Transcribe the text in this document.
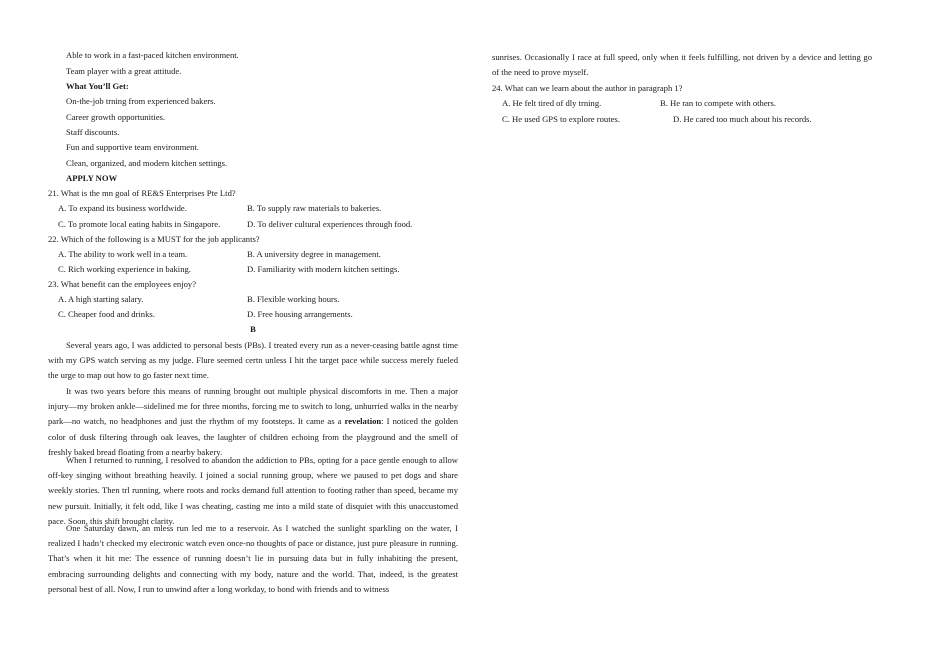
Able to work in a fast-paced kitchen environment.
Team player with a great attitude.
What You’ll Get:
On-the-job trning from experienced bakers.
Career growth opportunities.
Staff discounts.
Fun and supportive team environment.
Clean, organized, and modern kitchen settings.
APPLY NOW
21. What is the mn goal of RE&S Enterprises Pte Ltd?
A. To expand its business worldwide.	B. To supply raw materials to bakeries.
C. To promote local eating habits in Singapore.	D. To deliver cultural experiences through food.
22. Which of the following is a MUST for the job applicants?
A. The ability to work well in a team.	B. A university degree in management.
C. Rich working experience in baking.	D. Familiarity with modern kitchen settings.
23. What benefit can the employees enjoy?
A. A high starting salary.	B. Flexible working hours.
C. Cheaper food and drinks.	D. Free housing arrangements.
B

Several years ago, I was addicted to personal bests (PBs). I treated every run as a never-ceasing battle agnst time with my GPS watch serving as my judge. Flure seemed certn unless I hit the target pace while success merely fueled the urge to map out how to go faster next time.

It was two years before this means of running brought out multiple physical discomforts in me. Then a major injury—my broken ankle—sidelined me for three months, forcing me to switch to long, unhurried walks in the nearby park—no watch, no headphones and just the rhythm of my footsteps. It came as a revelation: I noticed the golden color of dusk filtering through oak leaves, the laughter of children echoing from the playground and the smell of freshly baked bread floating from a nearby bakery.

When I returned to running, I resolved to abandon the addiction to PBs, opting for a pace gentle enough to allow off-key singing without breathing heavily. I joined a social running group, where we paused to pet dogs and share weekly stories. Then trl running, where roots and rocks demand full attention to footing rather than speed, became my new pursuit. Initially, it felt odd, like I was cheating, casting me into a mild state of disquiet with this unaccustomed pace. Soon, this shift brought clarity.

One Saturday dawn, an mless run led me to a reservoir. As I watched the sunlight sparkling on the water, I realized I hadn’t checked my electronic watch even once-no thoughts of pace or distance, just pure pleasure in running. That’s when it hit me: The essence of running doesn’t lie in pursuing data but in fully inhabiting the present, embracing surrounding delights and connecting with my body, nature and the world. That, indeed, is the greatest personal best of all. Now, I run to unwind after a long workday, to bond with friends and to witness

sunrises. Occasionally I race at full speed, only when it feels fulfilling, not driven by a device and letting go of the need to prove myself.
24. What can we learn about the author in paragraph 1?
A. He felt tired of dly trning.	B. He ran to compete with others.
C. He used GPS to explore routes.	D. He cared too much about his records.
